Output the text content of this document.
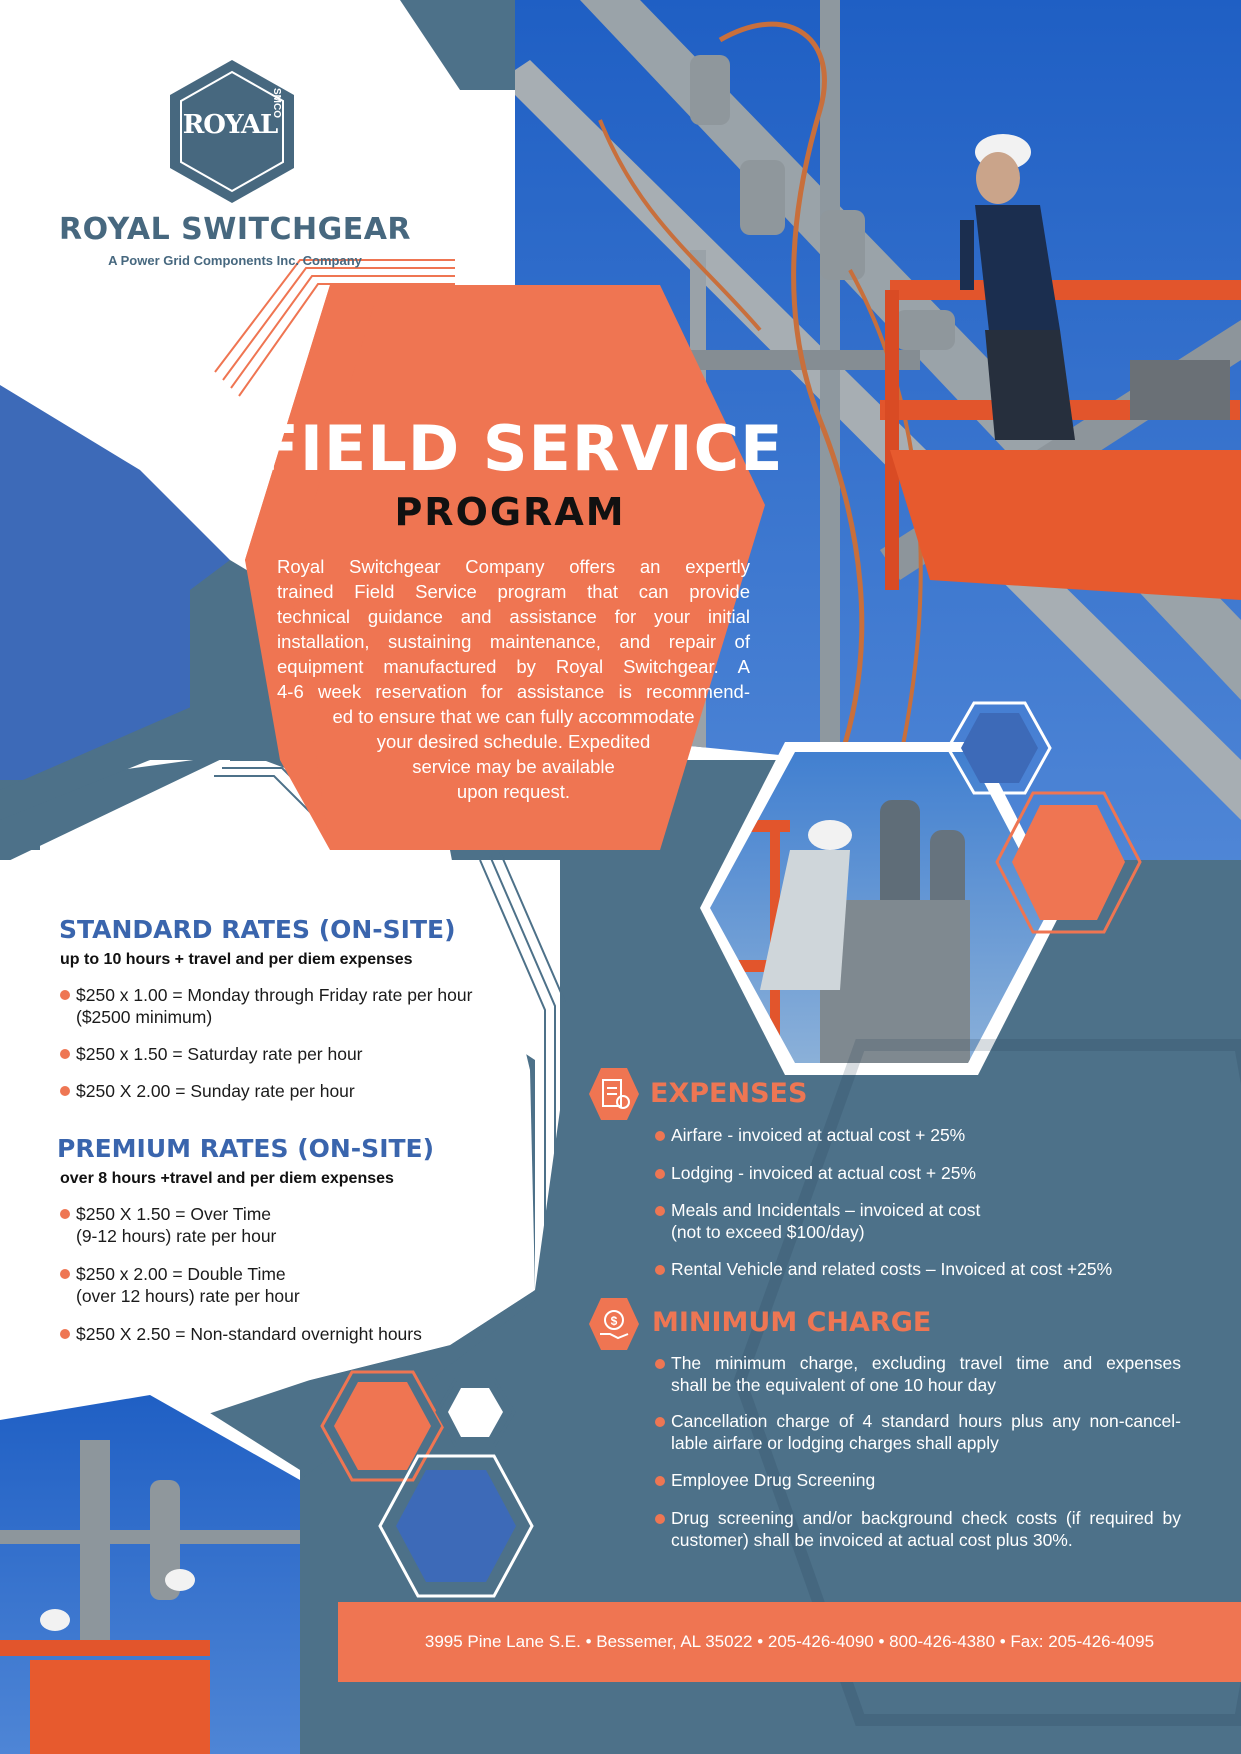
ROYAL
SMCO
ROYAL SWITCHGEAR
A Power Grid Components Inc. Company
FIELD SERVICE
PROGRAM
Royal Switchgear Company offers an expertly
trained Field Service program that can provide
technical guidance and assistance for your initial
installation, sustaining maintenance, and repair of
equipment manufactured by Royal Switchgear. A
4-6 week reservation for assistance is recommend-
ed to ensure that we can fully accommodate
your desired schedule. Expedited
service may be available
upon request.
STANDARD RATES (ON-SITE)
up to 10 hours + travel and per diem expenses
$250 x 1.00 = Monday through Friday rate per hour
($2500 minimum)
$250 x 1.50 = Saturday rate per hour
$250 X 2.00 = Sunday rate per hour
PREMIUM RATES (ON-SITE)
over 8 hours +travel and per diem expenses
$250 X 1.50 = Over Time
(9-12 hours) rate per hour
$250 x 2.00 = Double Time
(over 12 hours) rate per hour
$250 X 2.50 = Non-standard overnight hours
EXPENSES
Airfare - invoiced at actual cost + 25%
Lodging - invoiced at actual cost + 25%
Meals and Incidentals – invoiced at cost
(not to exceed $100/day)
Rental Vehicle and related costs – Invoiced at cost +25%
$ MINIMUM CHARGE
The minimum charge, excluding travel time and expenses
shall be the equivalent of one 10 hour day
Cancellation charge of 4 standard hours plus any non-cancel-
lable airfare or lodging charges shall apply
Employee Drug Screening
Drug screening and/or background check costs (if required by
customer) shall be invoiced at actual cost plus 30%.
3995 Pine Lane S.E. • Bessemer, AL 35022 • 205-426-4090 • 800-426-4380 • Fax: 205-426-4095
